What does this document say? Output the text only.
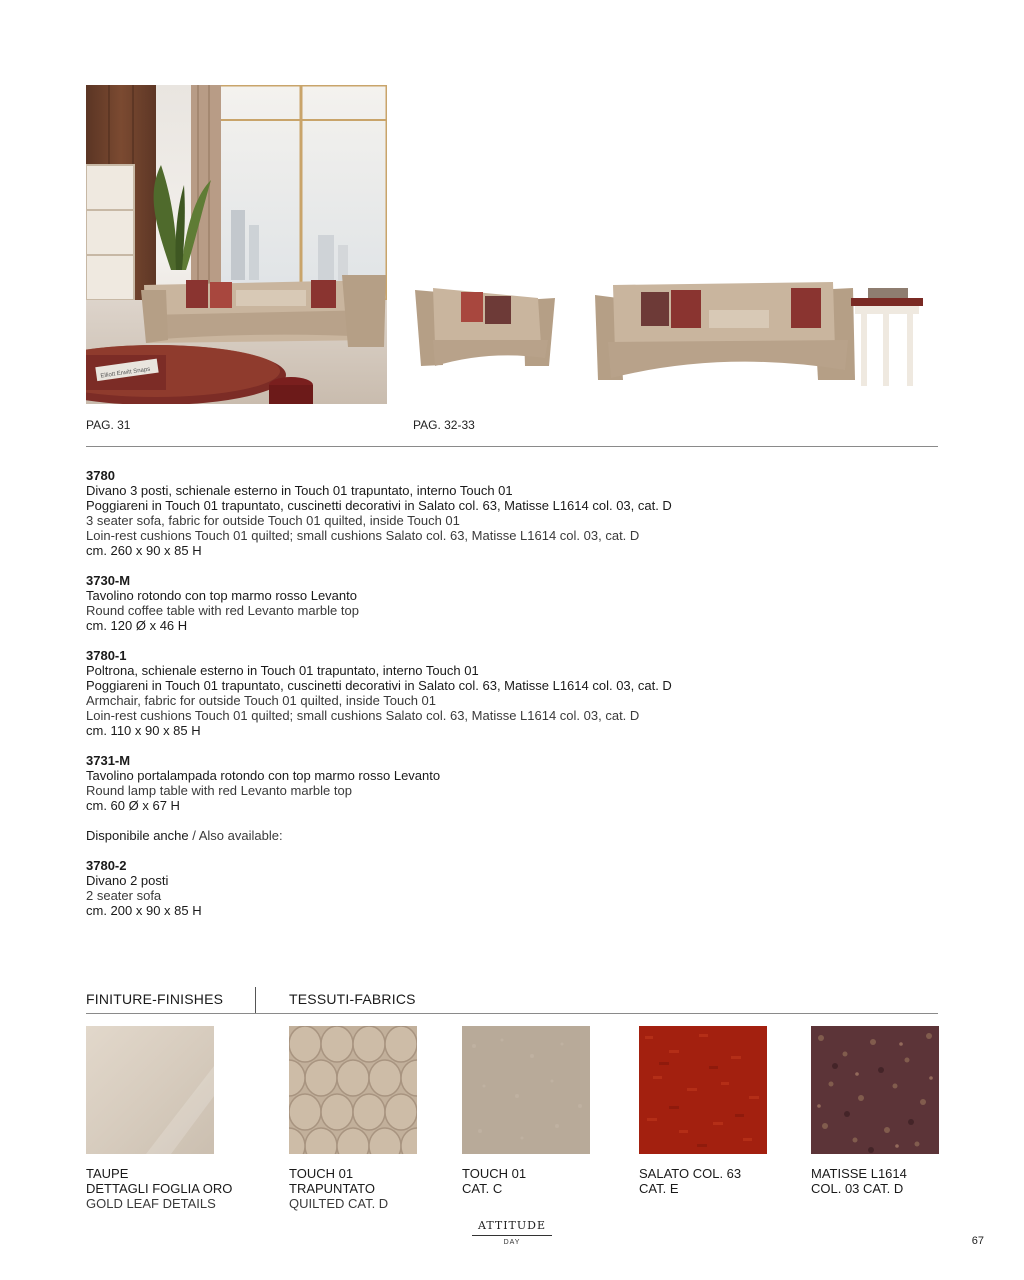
Elliott Erwitt Snaps
PAG. 31	PAG. 32-33
3780
Divano 3 posti, schienale esterno in Touch 01 trapuntato, interno Touch 01
Poggiareni in Touch 01 trapuntato, cuscinetti decorativi in Salato col. 63, Matisse L1614 col. 03, cat. D
3 seater sofa, fabric for outside Touch 01 quilted, inside Touch 01
Loin-rest cushions Touch 01 quilted; small cushions Salato col. 63, Matisse L1614 col. 03, cat. D
cm. 260 x 90 x 85 H
3730-M
Tavolino rotondo con top marmo rosso Levanto
Round coffee table with red Levanto marble top
cm. 120 Ø x 46 H
3780-1
Poltrona, schienale esterno in Touch 01 trapuntato, interno Touch 01
Poggiareni in Touch 01 trapuntato, cuscinetti decorativi in Salato col. 63, Matisse L1614 col. 03, cat. D
Armchair, fabric for outside Touch 01 quilted, inside Touch 01
Loin-rest cushions Touch 01 quilted; small cushions Salato col. 63, Matisse L1614 col. 03, cat. D
cm. 110 x 90 x 85 H
3731-M
Tavolino portalampada rotondo con top marmo rosso Levanto
Round lamp table with red Levanto marble top
cm. 60 Ø x 67 H
Disponibile anche / Also available:
3780-2
Divano 2 posti
2 seater sofa
cm. 200 x 90 x 85 H
FINITURE-FINISHES	TESSUTI-FABRICS
TAUPE
DETTAGLI FOGLIA ORO
GOLD LEAF DETAILS
TOUCH 01
TRAPUNTATO
QUILTED CAT. D
TOUCH 01
CAT. C
SALATO COL. 63
CAT. E
MATISSE L1614
COL. 03 CAT. D
ATTITUDE
DAY	67
